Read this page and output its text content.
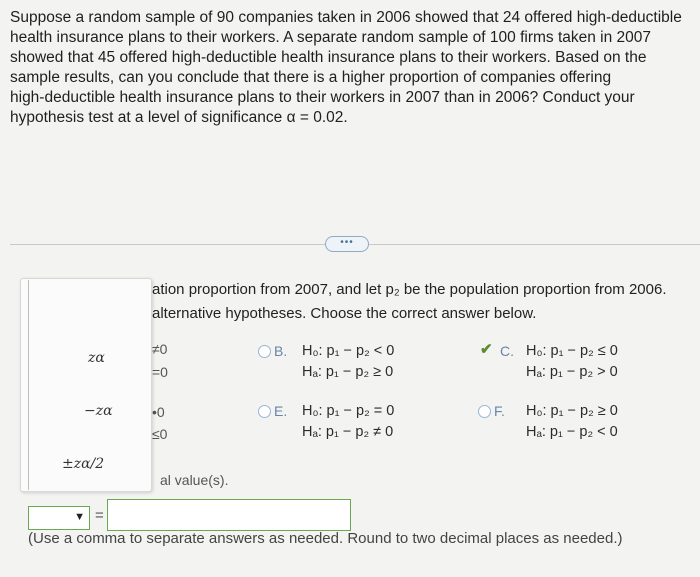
Suppose a random sample of 90 companies taken in 2006 showed that 24 offered high-deductible
health insurance plans to their workers. A separate random sample of 100 firms taken in 2007
showed that 45 offered high-deductible health insurance plans to their workers. Based on the
sample results, can you conclude that there is a higher proportion of companies offering
high-deductible health insurance plans to their workers in 2007 than in 2006? Conduct your
hypothesis test at a level of significance α = 0.02.
•••
ation proportion from 2007, and let p₂ be the population proportion from 2006.
alternative hypotheses. Choose the correct answer below.
≠0
=0
•0
≤0
al value(s).
zα
−zα
±zα/2
B. H₀: p₁ − p₂ < 0
Hₐ: p₁ − p₂ ≥ 0
✔ C. H₀: p₁ − p₂ ≤ 0
Hₐ: p₁ − p₂ > 0
E. H₀: p₁ − p₂ = 0
Hₐ: p₁ − p₂ ≠ 0
F. H₀: p₁ − p₂ ≥ 0
Hₐ: p₁ − p₂ < 0
▼ =
(Use a comma to separate answers as needed. Round to two decimal places as needed.)
